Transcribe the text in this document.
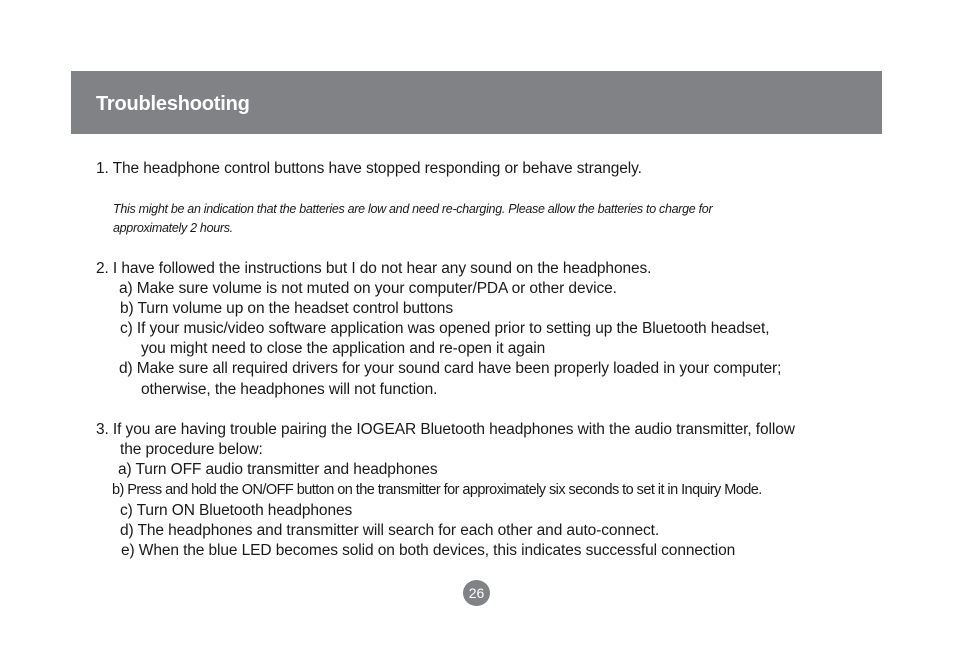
Troubleshooting
1. The headphone control buttons have stopped responding or behave strangely.
This might be an indication that the batteries are low and need re-charging. Please allow the batteries to charge for
approximately 2 hours.
2. I have followed the instructions but I do not hear any sound on the headphones.
a) Make sure volume is not muted on your computer/PDA or other device.
b) Turn volume up on the headset control buttons
c) If your music/video software application was opened prior to setting up the Bluetooth headset,
you might need to close the application and re-open it again
d) Make sure all required drivers for your sound card have been properly loaded in your computer;
otherwise, the headphones will not function.
3. If you are having trouble pairing the IOGEAR Bluetooth headphones with the audio transmitter, follow
the procedure below:
a) Turn OFF audio transmitter and headphones
b) Press and hold the ON/OFF button on the transmitter for approximately six seconds to set it in Inquiry Mode.
c) Turn ON Bluetooth headphones
d) The headphones and transmitter will search for each other and auto-connect.
e) When the blue LED becomes solid on both devices, this indicates successful connection
26
